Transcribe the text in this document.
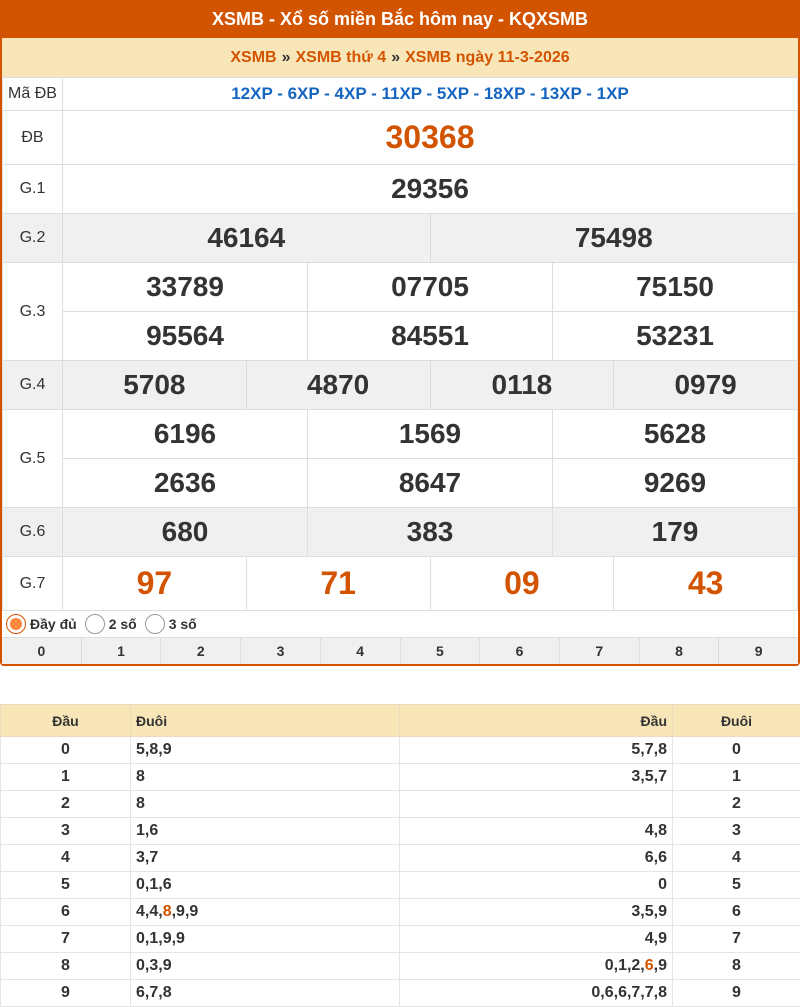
XSMB - Xổ số miền Bắc hôm nay - KQXSMB
XSMB » XSMB thứ 4 » XSMB ngày 11-3-2026
Mã ĐB	12XP - 6XP - 4XP - 11XP - 5XP - 18XP - 13XP - 1XP
ĐB	30368
G.1	29356
G.2	46164 75498

G.3	33789 07705 75150

95564 84551 53231

G.4	5708 4870 0118 0979

G.5	6196 1569 5628

2636 8647 9269

G.6	680 383 179

G.7	97 71 09 43
Đầy đủ 2 số 3 số
0	1	2	3	4	5	6	7	8	9
Đầu	Đuôi	Đầu	Đuôi
0	5,8,9	5,7,8	0
1	8	3,5,7	1
2	8		2
3	1,6	4,8	3
4	3,7	6,6	4
5	0,1,6	0	5
6	4,4,8,9,9	3,5,9	6
7	0,1,9,9	4,9	7
8	0,3,9	0,1,2,6,9	8
9	6,7,8	0,6,6,7,7,8	9
